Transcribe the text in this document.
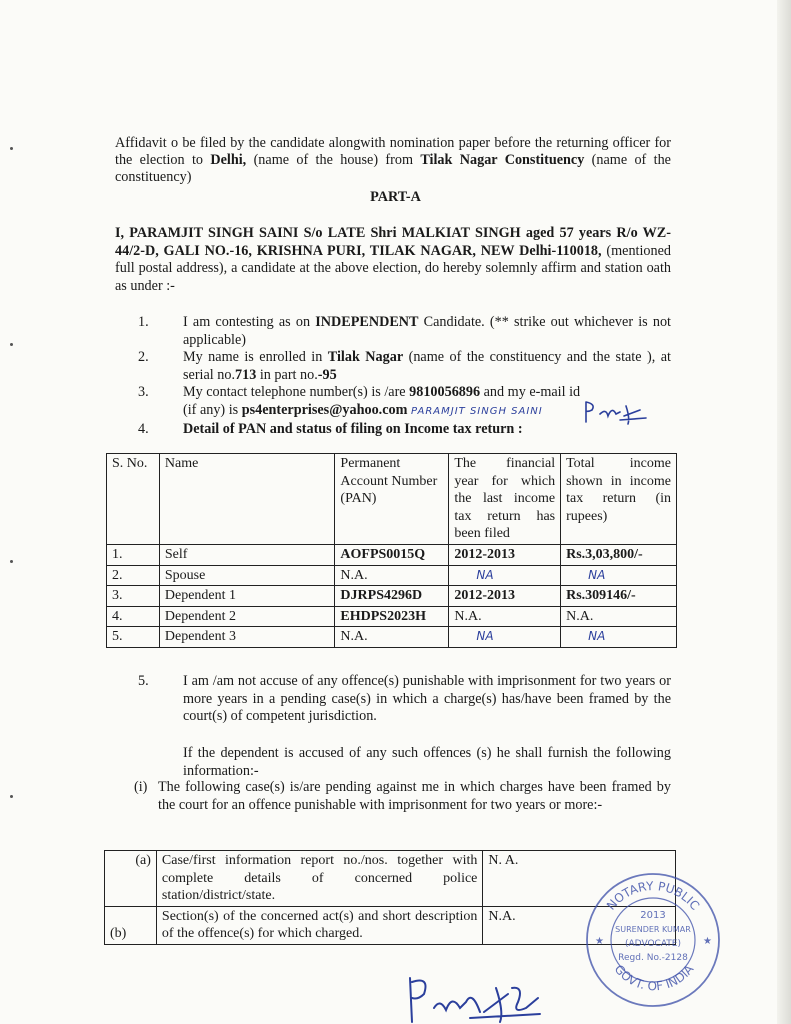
Affidavit o be filed by the candidate alongwith nomination paper before the returning officer for the election to Delhi, (name of the house) from Tilak Nagar Constituency (name of the constituency)
PART-A
I, PARAMJIT SINGH SAINI S/o LATE Shri MALKIAT SINGH aged 57 years R/o WZ-44/2-D, GALI NO.-16, KRISHNA PURI, TILAK NAGAR, NEW Delhi-110018, (mentioned full postal address), a candidate at the above election, do hereby solemnly affirm and station oath as under :-
1. I am contesting as on INDEPENDENT Candidate. (** strike out whichever is not applicable)
2. My name is enrolled in Tilak Nagar (name of the constituency and the state ), at serial no.713 in part no.-95
3. My contact telephone number(s) is /are 9810056896 and my e-mail id (if any) is ps4enterprises@yahoo.com PARAMJIT SINGH SAINI
4. Detail of PAN and status of filing on Income tax return :
S. No.	Name	Permanent Account Number (PAN)	The financial year for which the last income tax return has been filed	Total income shown in income tax return (in rupees)
1.	Self	AOFPS0015Q	2012-2013	Rs.3,03,800/-
2.	Spouse	N.A.	NA	NA
3.	Dependent 1	DJRPS4296D	2012-2013	Rs.309146/-
4.	Dependent 2	EHDPS2023H	N.A.	N.A.
5.	Dependent 3	N.A.	NA	NA
5. I am /am not accuse of any offence(s) punishable with imprisonment for two years or more years in a pending case(s) in which a charge(s) has/have been framed by the court(s) of competent jurisdiction.
If the dependent is accused of any such offences (s) he shall furnish the following information:-
(i) The following case(s) is/are pending against me in which charges have been framed by the court for an offence punishable with imprisonment for two years or more:-
(a)	Case/first information report no./nos. together with complete details of concerned police station/district/state.	N. A.
(b)	Section(s) of the concerned act(s) and short description of the offence(s) for which charged.	N.A.
NOTARY PUBLIC
GOVT. OF INDIA
2013
SURENDER KUMAR
(ADVOCATE)
Regd. No.-2128
★	★
